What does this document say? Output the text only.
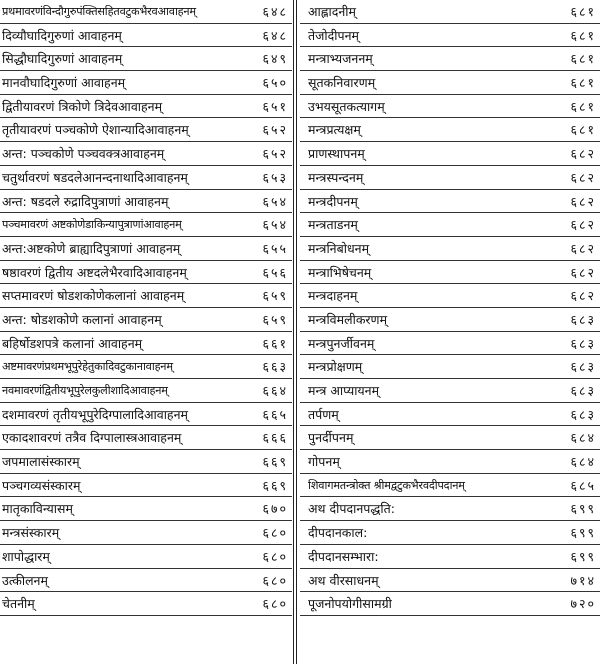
प्रथमावरणंविन्दौगुरुपंक्तिसहितवटुकभैरवआवाहनम्	६४८
दिव्यौघादिगुरुणां आवाहनम्	६४८
सिद्धौघादिगुरुणां आवाहनम्	६४९
मानवौघादिगुरुणां आवाहनम्	६५०
द्वितीयावरणं त्रिकोणे त्रिदेवआवाहनम्	६५१
तृतीयावरणं पञ्चकोणे ऐशान्यादिआवाहनम्	६५२
अन्त: पञ्चकोणे पञ्चवक्त्रआवाहनम्	६५२
चतुर्थावरणं षडदलेआनन्दनाथादिआवाहनम्	६५३
अन्त: षडदले रुद्रादिपुत्राणां आवाहनम्	६५४
पञ्चमावरणं अष्टकोणेडाकिन्यापुत्राणांआवाहनम्	६५४
अन्त:अष्टकोणे ब्राह्यादिपुत्राणां आवाहनम्	६५५
षष्ठावरणं द्वितीय अष्टदलेभैरवादिआवाहनम्	६५६
सप्तमावरणं षोडशकोणेकलानां आवाहनम्	६५९
अन्त: षोडशकोणे कलानां आवाहनम्	६५९
बहिर्षोडशपत्रे कलानां आवाहनम्	६६१
अष्टमावरणंप्रथमभूपुरेहेतुकादिवटुकानावाहनम्	६६३
नवमावरणंद्वितीयभूपुरेलकुलीशादिआवाहनम्	६६४
दशमावरणं तृतीयभूपुरेदिग्पालादिआवाहनम्	६६५
एकादशावरणं तत्रैव दिग्पालास्त्रआवाहनम्	६६६
जपमालासंस्कारम्	६६९
पञ्चगव्यसंस्कारम्	६६९
मातृकाविन्यासम्	६७०
मन्त्रसंस्कारम्	६८०
शापोद्धारम्	६८०
उत्कीलनम्	६८०
चेतनीम्	६८०
आह्लादनीम्	६८१
तेजोदीपनम्	६८१
मन्त्राभ्यजननम्	६८१
सूतकनिवारणम्	६८१
उभयसूतकत्यागम्	६८१
मन्त्रप्रत्यक्षम्	६८१
प्राणस्थापनम्	६८२
मन्त्रस्पन्दनम्	६८२
मन्त्रदीपनम्	६८२
मन्त्रताडनम्	६८२
मन्त्रनिबोधनम्	६८२
मन्त्राभिषेचनम्	६८२
मन्त्रदाहनम्	६८२
मन्त्रविमलीकरणम्	६८३
मन्त्रपुनर्जीवनम्	६८३
मन्त्रप्रोक्षणम्	६८३
मन्त्र आप्यायनम्	६८३
तर्पणम्	६८३
पुनर्दीपनम्	६८४
गोपनम्	६८४
शिवागमतन्त्रोक्त श्रीमद्वटुकभैरवदीपदानम्	६८५
अथ दीपदानपद्धति:	६९९
दीपदानकाल:	६९९
दीपदानसम्भारा:	६९९
अथ वीरसाधनम्	७१४
पूजनोपयोगीसामग्री	७२०
